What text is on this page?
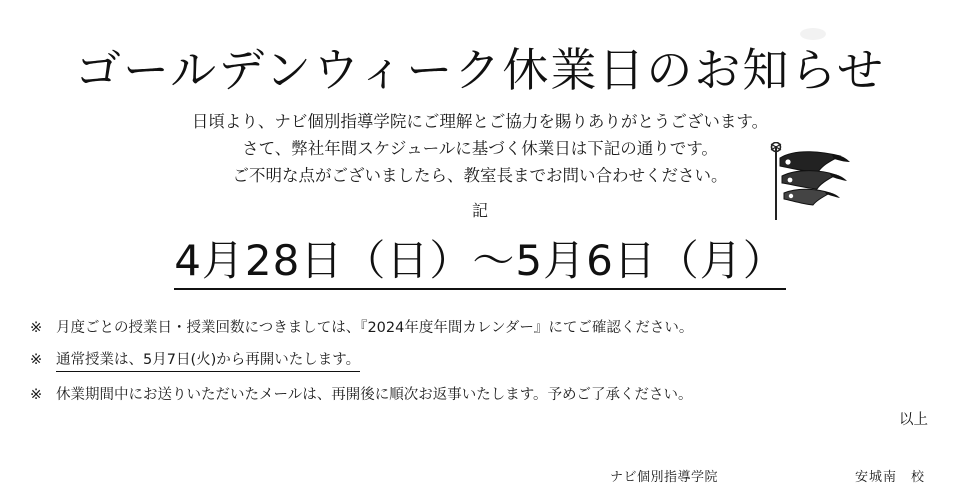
ゴールデンウィーク休業日のお知らせ
日頃より、ナビ個別指導学院にご理解とご協力を賜りありがとうございます。
さて、弊社年間スケジュールに基づく休業日は下記の通りです。
ご不明な点がございましたら、教室長までお問い合わせください。
記
4月28日（日）〜5月6日（月）
※ 月度ごとの授業日・授業回数につきましては、『2024年度年間カレンダー』にてご確認ください。
※ 通常授業は、5月7日(火)から再開いたします。
※ 休業期間中にお送りいただいたメールは、再開後に順次お返事いたします。予めご了承ください。
以上
ナビ個別指導学院	安城南　校
